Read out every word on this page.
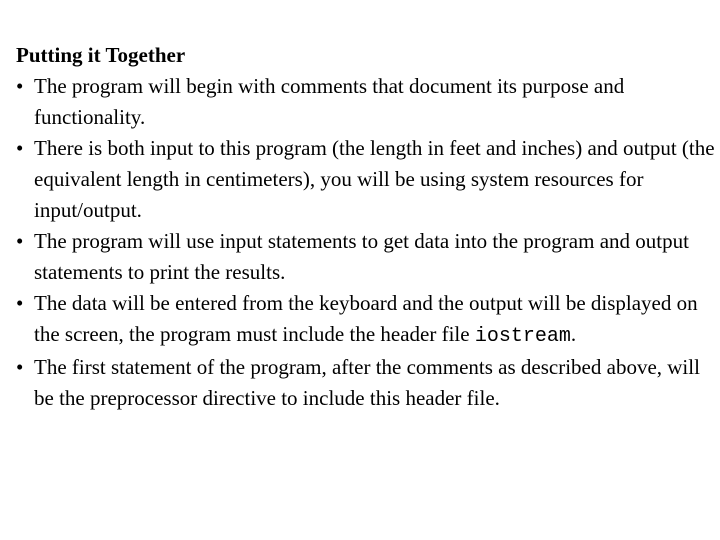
Putting it Together
• The program will begin with comments that document its purpose and functionality.
• There is both input to this program (the length in feet and inches) and output (the equivalent length in centimeters), you will be using system resources for input/output.
• The program will use input statements to get data into the program and output statements to print the results.
• The data will be entered from the keyboard and the output will be displayed on the screen, the program must include the header file iostream.
• The first statement of the program, after the comments as described above, will be the preprocessor directive to include this header file.
